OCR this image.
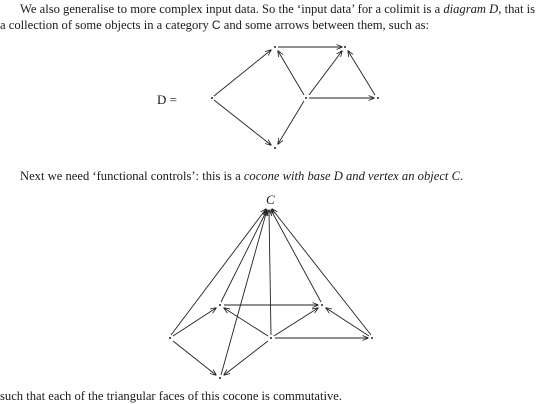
We also generalise to more complex input data. So the ‘input data’ for a colimit is a diagram D, that is a collection of some objects in a category C and some arrows between them, such as:

D =

Next we need ‘functional controls’: this is a cocone with base D and vertex an object C.

C

such that each of the triangular faces of this cocone is commutative.
